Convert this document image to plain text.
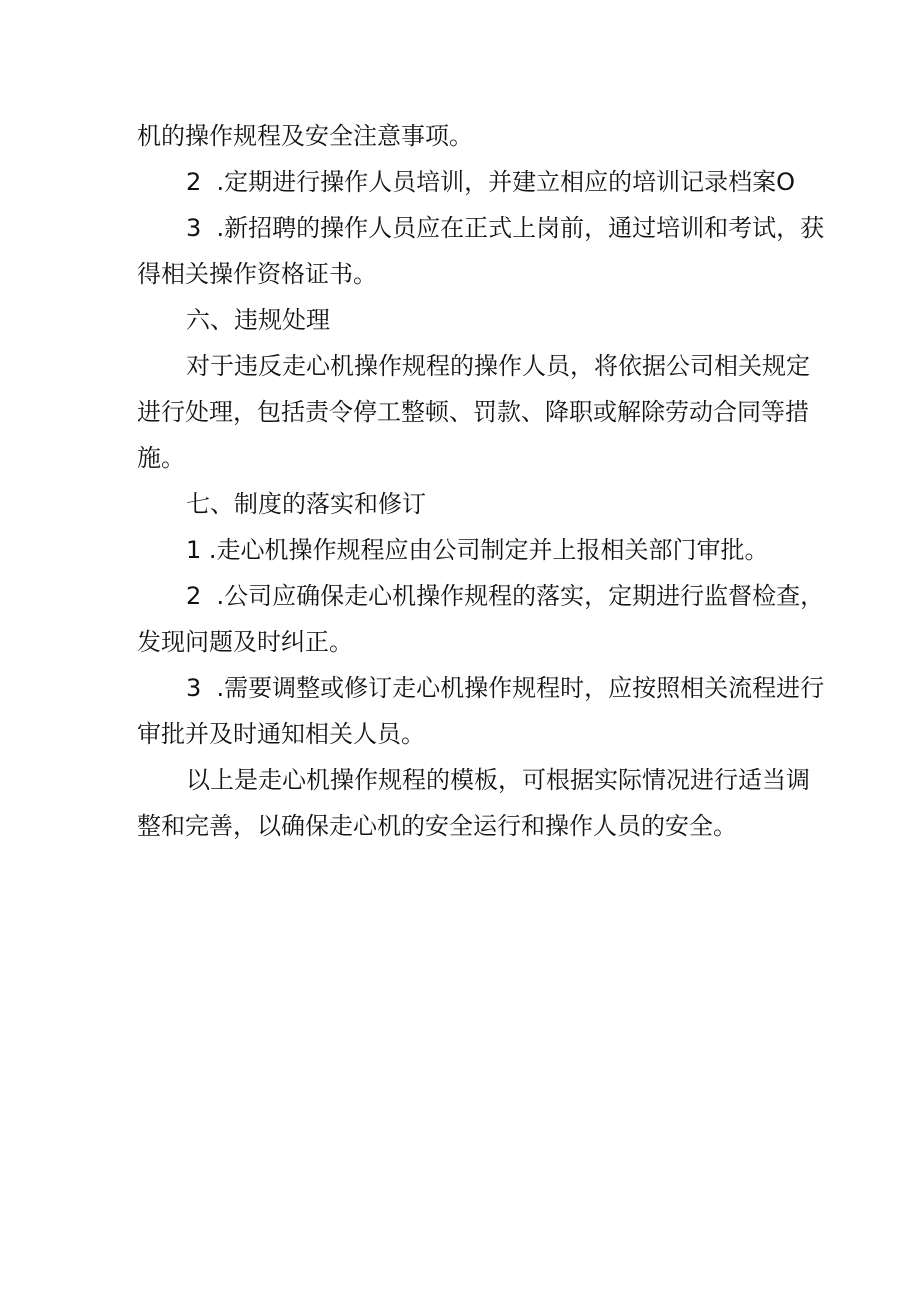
机的操作规程及安全注意事项。
2  .定期进行操作人员培训，并建立相应的培训记录档案O
3  .新招聘的操作人员应在正式上岗前，通过培训和考试，获
得相关操作资格证书。
六、违规处理
对于违反走心机操作规程的操作人员，将依据公司相关规定
进行处理，包括责令停工整顿、罚款、降职或解除劳动合同等措
施。
七、制度的落实和修订
1 .走心机操作规程应由公司制定并上报相关部门审批。
2  .公司应确保走心机操作规程的落实，定期进行监督检查，
发现问题及时纠正。
3  .需要调整或修订走心机操作规程时，应按照相关流程进行
审批并及时通知相关人员。
以上是走心机操作规程的模板，可根据实际情况进行适当调
整和完善，以确保走心机的安全运行和操作人员的安全。
